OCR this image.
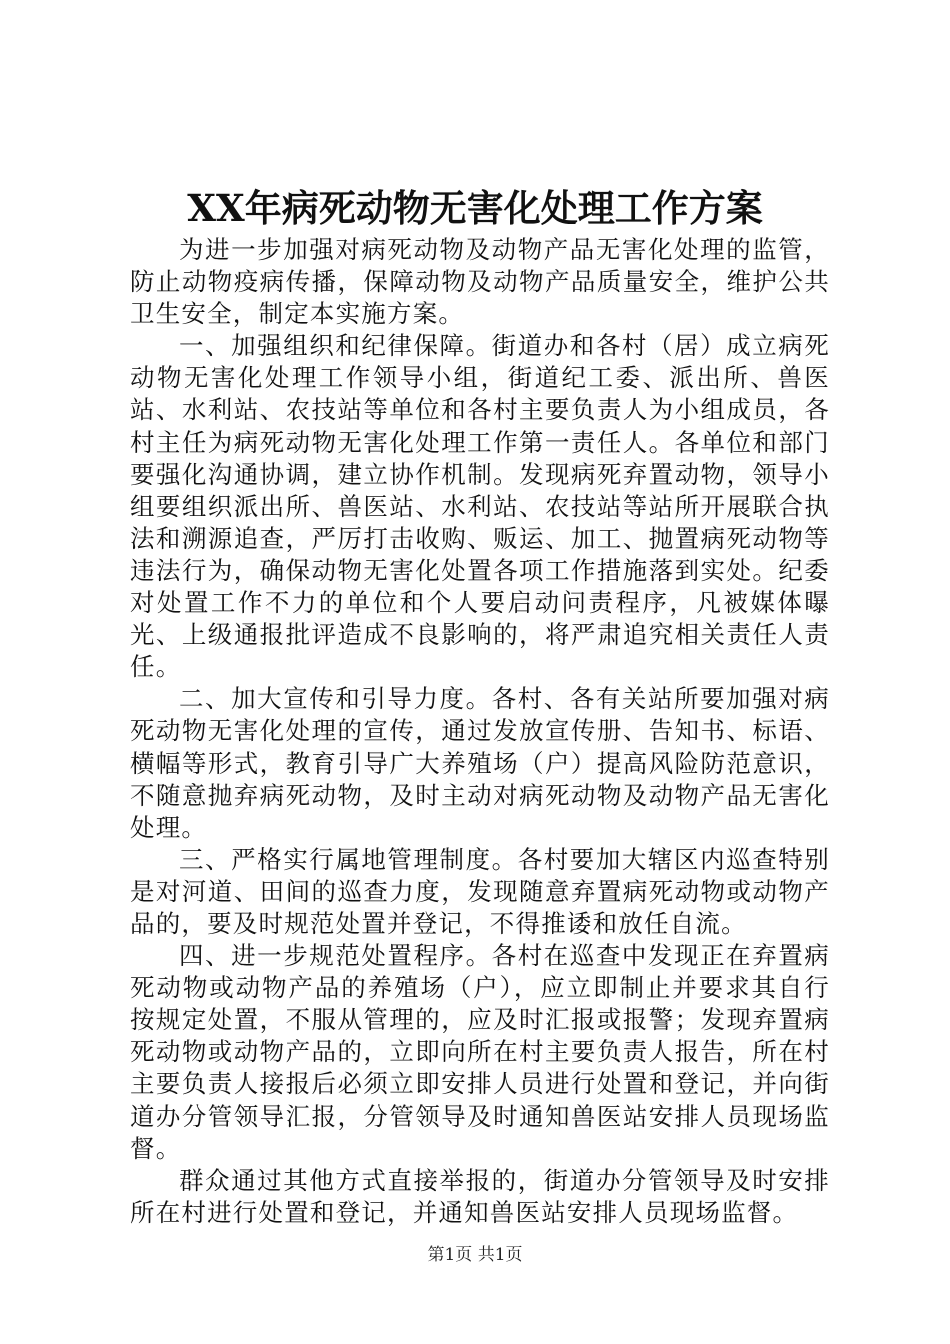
XX年病死动物无害化处理工作方案

为进一步加强对病死动物及动物产品无害化处理的监管，防止动物疫病传播，保障动物及动物产品质量安全，维护公共卫生安全，制定本实施方案。

一、加强组织和纪律保障。街道办和各村（居）成立病死动物无害化处理工作领导小组，街道纪工委、派出所、兽医站、水利站、农技站等单位和各村主要负责人为小组成员，各村主任为病死动物无害化处理工作第一责任人。各单位和部门要强化沟通协调，建立协作机制。发现病死弃置动物，领导小组要组织派出所、兽医站、水利站、农技站等站所开展联合执法和溯源追查，严厉打击收购、贩运、加工、抛置病死动物等违法行为，确保动物无害化处置各项工作措施落到实处。纪委对处置工作不力的单位和个人要启动问责程序，凡被媒体曝光、上级通报批评造成不良影响的，将严肃追究相关责任人责任。

二、加大宣传和引导力度。各村、各有关站所要加强对病死动物无害化处理的宣传，通过发放宣传册、告知书、标语、横幅等形式，教育引导广大养殖场（户）提高风险防范意识，不随意抛弃病死动物，及时主动对病死动物及动物产品无害化处理。

三、严格实行属地管理制度。各村要加大辖区内巡查特别是对河道、田间的巡查力度，发现随意弃置病死动物或动物产品的，要及时规范处置并登记，不得推诿和放任自流。

四、进一步规范处置程序。各村在巡查中发现正在弃置病死动物或动物产品的养殖场（户），应立即制止并要求其自行按规定处置，不服从管理的，应及时汇报或报警；发现弃置病死动物或动物产品的，立即向所在村主要负责人报告，所在村主要负责人接报后必须立即安排人员进行处置和登记，并向街道办分管领导汇报，分管领导及时通知兽医站安排人员现场监督。

群众通过其他方式直接举报的，街道办分管领导及时安排所在村进行处置和登记，并通知兽医站安排人员现场监督。

第1页 共1页
